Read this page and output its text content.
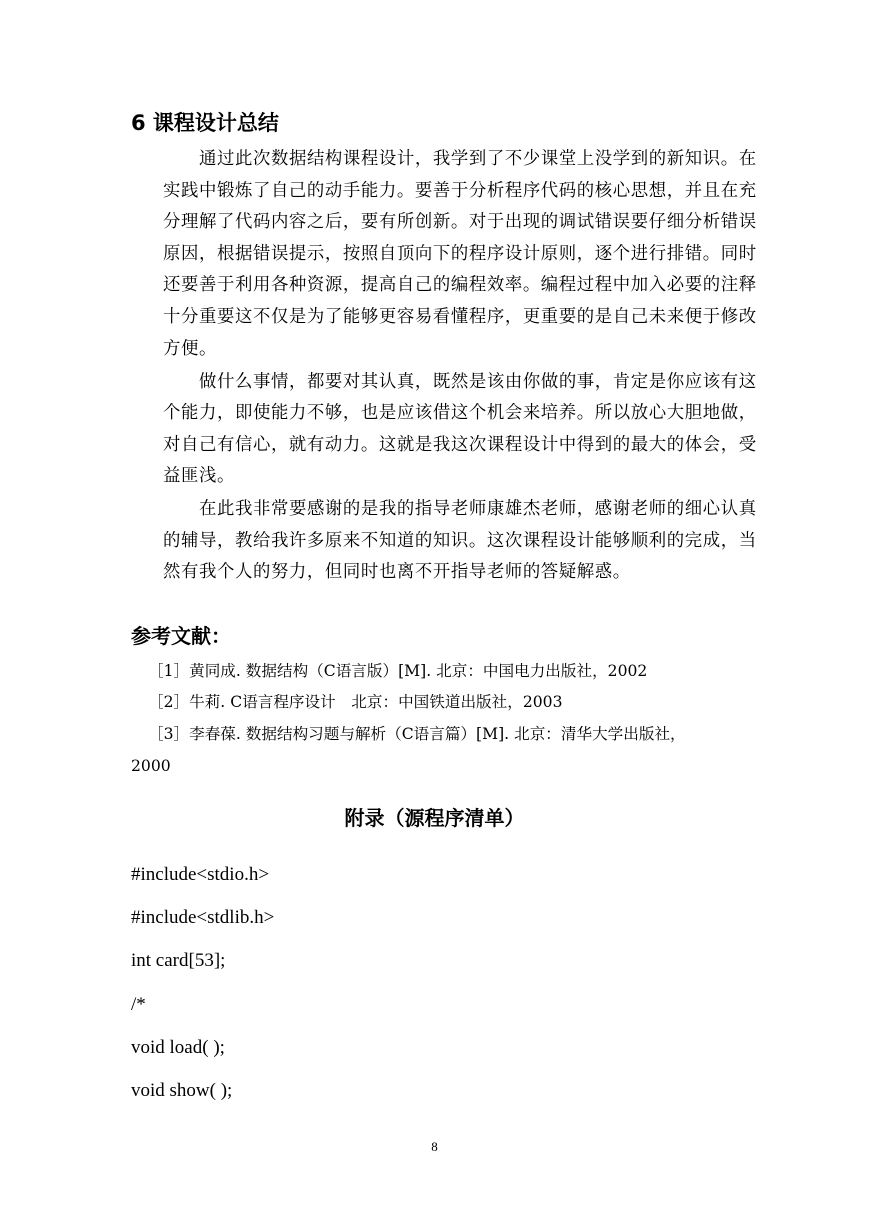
6 课程设计总结
通过此次数据结构课程设计，我学到了不少课堂上没学到的新知识。在
实践中锻炼了自己的动手能力。要善于分析程序代码的核心思想，并且在充
分理解了代码内容之后，要有所创新。对于出现的调试错误要仔细分析错误
原因，根据错误提示，按照自顶向下的程序设计原则，逐个进行排错。同时
还要善于利用各种资源，提高自己的编程效率。编程过程中加入必要的注释
十分重要这不仅是为了能够更容易看懂程序，更重要的是自己未来便于修改
方便。
做什么事情，都要对其认真，既然是该由你做的事，肯定是你应该有这
个能力，即使能力不够，也是应该借这个机会来培养。所以放心大胆地做，
对自己有信心，就有动力。这就是我这次课程设计中得到的最大的体会，受
益匪浅。
在此我非常要感谢的是我的指导老师康雄杰老师，感谢老师的细心认真
的辅导，教给我许多原来不知道的知识。这次课程设计能够顺利的完成，当
然有我个人的努力，但同时也离不开指导老师的答疑解惑。
参考文献：
［1］黄同成. 数据结构（C语言版）[M]. 北京：中国电力出版社，2002
［2］牛莉. C语言程序设计　北京：中国铁道出版社，2003
［3］李春葆. 数据结构习题与解析（C语言篇）[M]. 北京：清华大学出版社，
2000
附录（源程序清单）
#include<stdio.h>
#include<stdlib.h>
int card[53];
/*
void load( );
void show( );
8
